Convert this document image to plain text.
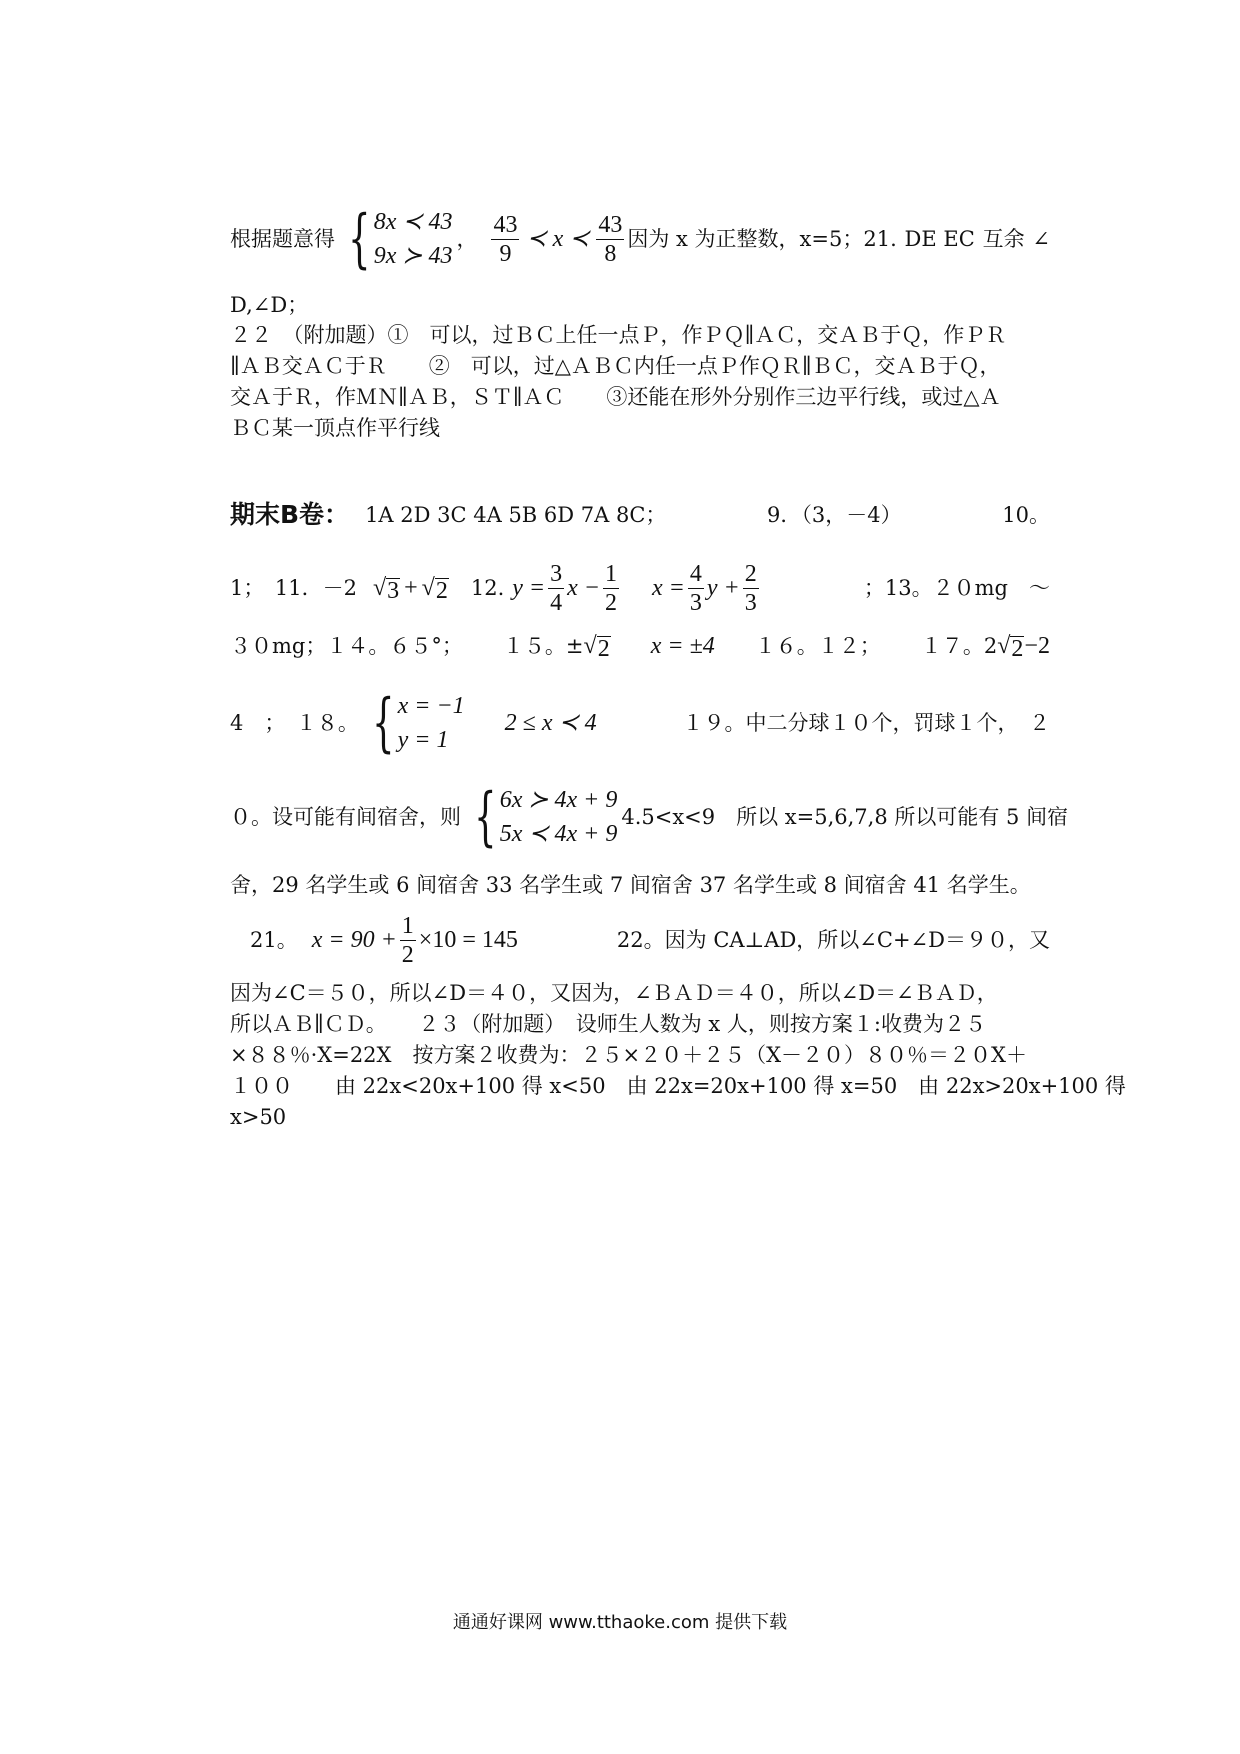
根据题意得 { 8x ≺ 43
9x ≻ 43
， $\frac{43}{9}$ ≺ x ≺ $\frac{43}{8}$ 因为 x 为正整数，x=5；21. DE EC 互余 ∠
D,∠D；
２２　（附加题）①　可以，过ＢＣ上任一点Ｐ，作ＰＱ∥ＡＣ，交ＡＢ于Ｑ，作ＰＲ
∥ＡＢ交ＡＣ于Ｒ　　②　可以，过△ＡＢＣ内任一点Ｐ作ＱＲ∥ＢＣ，交ＡＢ于Ｑ，
交Ａ于Ｒ，作ＭＮ∥ＡＢ，ＳＴ∥ＡＣ　　③还能在形外分别作三边平行线，或过△Ａ
ＢＣ某一顶点作平行线
期末B卷： 1A 2D 3C 4A 5B 6D 7A 8C；	9．（3，－4）	10。
1；　11．－2 √ 3 + √ 2 12. $y = \frac{3}{4}$ $x - \frac{1}{2}$ $x = \frac{4}{3}$ $y + \frac{2}{3}$	；13。２０mg　～
３０mg；１４。６５°； １５。± √ 2 x = ±4 １６。１２； １７。2 √ 2 −2
4　；　１８。 { x = −1
y = 1
2 ≤ x ≺ 4	１９。中二分球１０个，罚球１个，　２
０。设可能有间宿舍，则 { 6x ≻ 4x + 9
5x ≺ 4x + 9
4.5<x<9　所以 x=5,6,7,8 所以可能有 5 间宿
舍，29 名学生或 6 间宿舍 33 名学生或 7 间宿舍 37 名学生或 8 间宿舍 41 名学生。
21。 $x = 90 + \frac{1}{2} \times 10 = 145$	22。因为 CA⊥AD，所以∠C+∠D＝９０，又
因为∠C＝５０，所以∠D＝４０，又因为，∠ＢＡＤ＝４０，所以∠D＝∠ＢＡＤ，
所以ＡＢ∥ＣＤ。　　２３（附加题）　设师生人数为 x 人，则按方案１:收费为２５
×８８％·X=22X　按方案２收费为：２５×２０＋２５（X－２０）８０％＝２０X＋
１００　　由 22x<20x+100 得 x<50　由 22x=20x+100 得 x=50　由 22x>20x+100 得
x>50
通通好课网 www.tthaoke.com 提供下载
